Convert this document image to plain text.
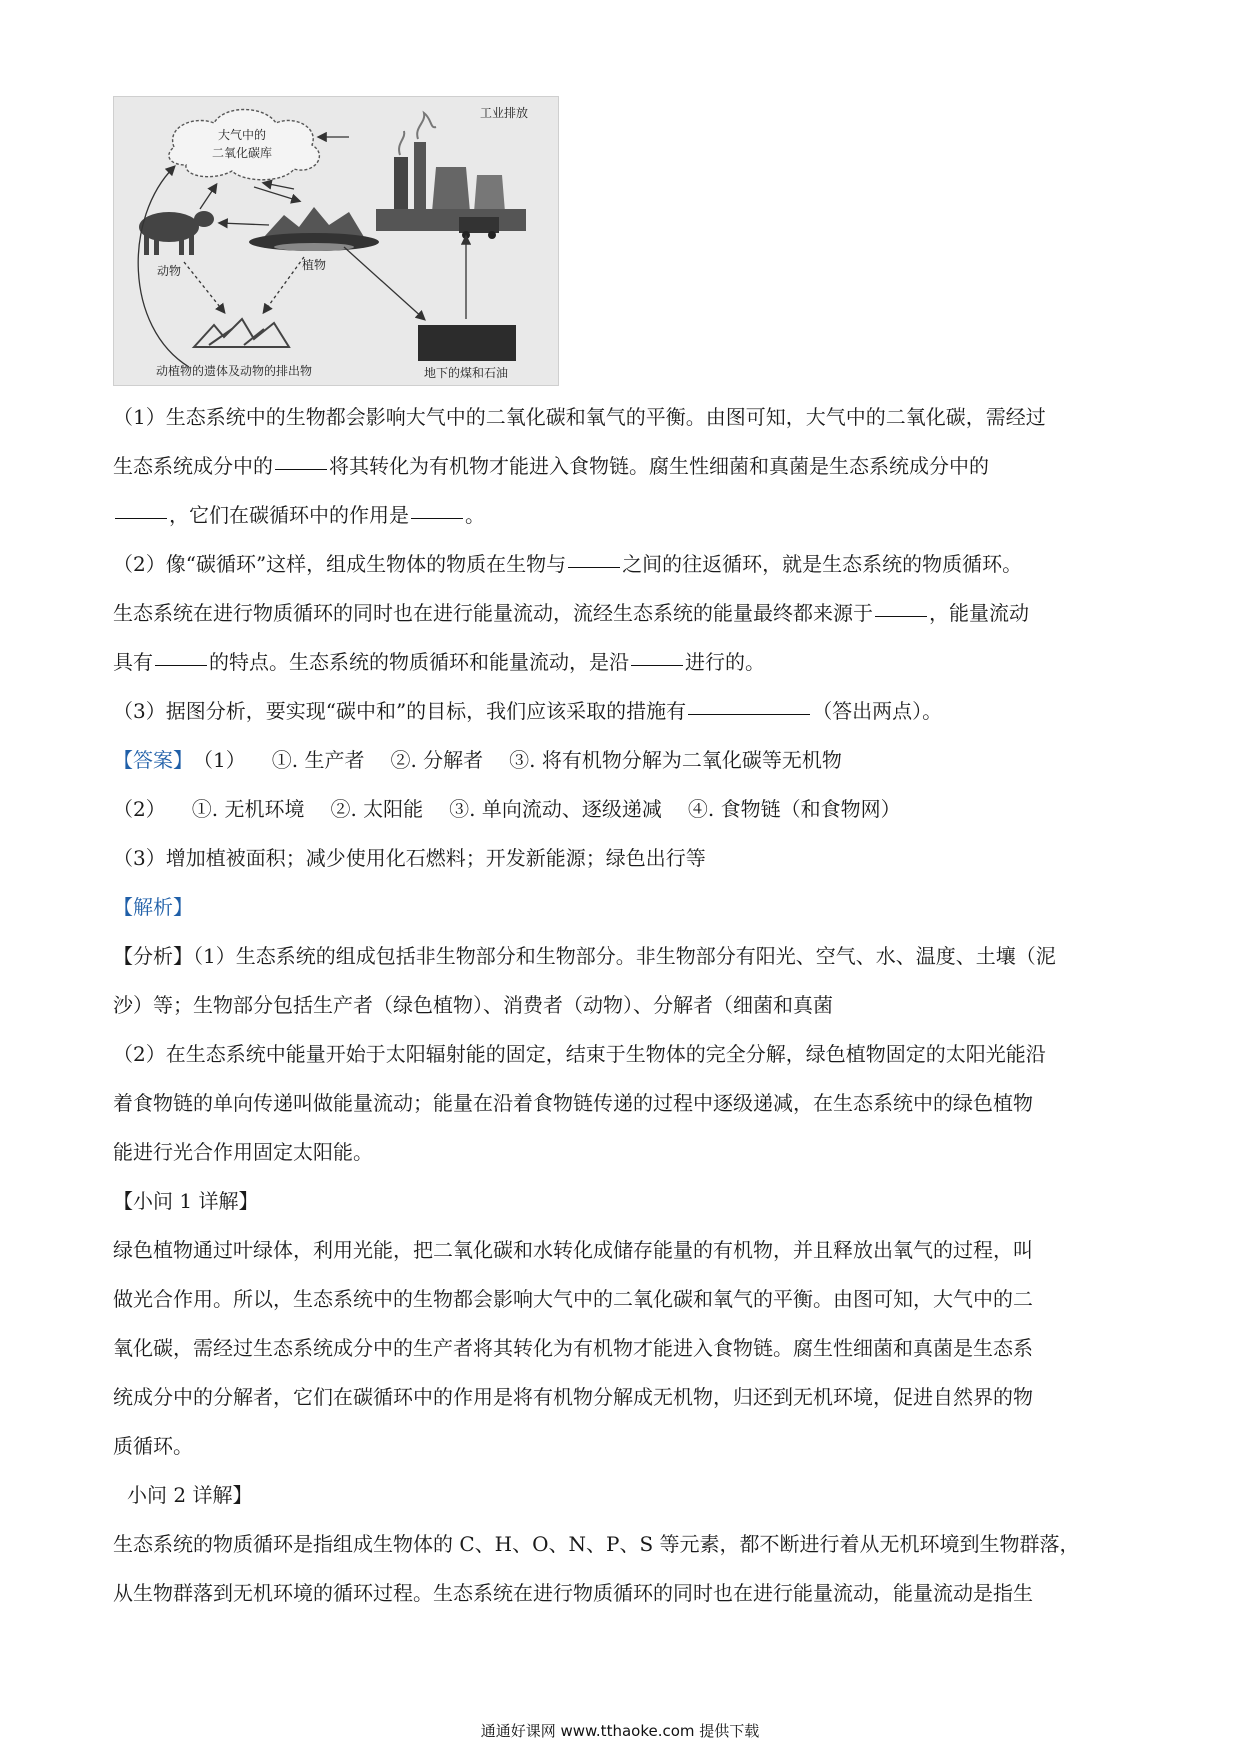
大气中的
二氧化碳库
工业排放
动物	植物
动植物的遗体及动物的排出物	地下的煤和石油

（1）生态系统中的生物都会影响大气中的二氧化碳和氧气的平衡。由图可知，大气中的二氧化碳，需经过

生态系统成分中的	将其转化为有机物才能进入食物链。腐生性细菌和真菌是生态系统成分中的

，它们在碳循环中的作用是	。

（2）像“碳循环”这样，组成生物体的物质在生物与	之间的往返循环，就是生态系统的物质循环。

生态系统在进行物质循环的同时也在进行能量流动，流经生态系统的能量最终都来源于	，能量流动

具有	的特点。生态系统的物质循环和能量流动，是沿	进行的。

（3）据图分析，要实现“碳中和”的目标，我们应该采取的措施有	（答出两点）。

【答案】（1） ①. 生产者 ②. 分解者 ③. 将有机物分解为二氧化碳等无机物

（2） ①. 无机环境 ②. 太阳能 ③. 单向流动、逐级递减 ④. 食物链（和食物网）

（3）增加植被面积；减少使用化石燃料；开发新能源；绿色出行等

【解析】

【分析】（1）生态系统的组成包括非生物部分和生物部分。非生物部分有阳光、空气、水、温度、土壤（泥

沙）等；生物部分包括生产者（绿色植物）、消费者（动物）、分解者（细菌和真菌

（2）在生态系统中能量开始于太阳辐射能的固定，结束于生物体的完全分解，绿色植物固定的太阳光能沿

着食物链的单向传递叫做能量流动；能量在沿着食物链传递的过程中逐级递减，在生态系统中的绿色植物

能进行光合作用固定太阳能。

【小问 1 详解】

绿色植物通过叶绿体，利用光能，把二氧化碳和水转化成储存能量的有机物，并且释放出氧气的过程，叫

做光合作用。所以，生态系统中的生物都会影响大气中的二氧化碳和氧气的平衡。由图可知，大气中的二

氧化碳，需经过生态系统成分中的生产者将其转化为有机物才能进入食物链。腐生性细菌和真菌是生态系

统成分中的分解者，它们在碳循环中的作用是将有机物分解成无机物，归还到无机环境，促进自然界的物

质循环。

小问 2 详解】

生态系统的物质循环是指组成生物体的 C、H、O、N、P、S 等元素，都不断进行着从无机环境到生物群落，

从生物群落到无机环境的循环过程。生态系统在进行物质循环的同时也在进行能量流动，能量流动是指生

通通好课网 www.tthaoke.com 提供下载
